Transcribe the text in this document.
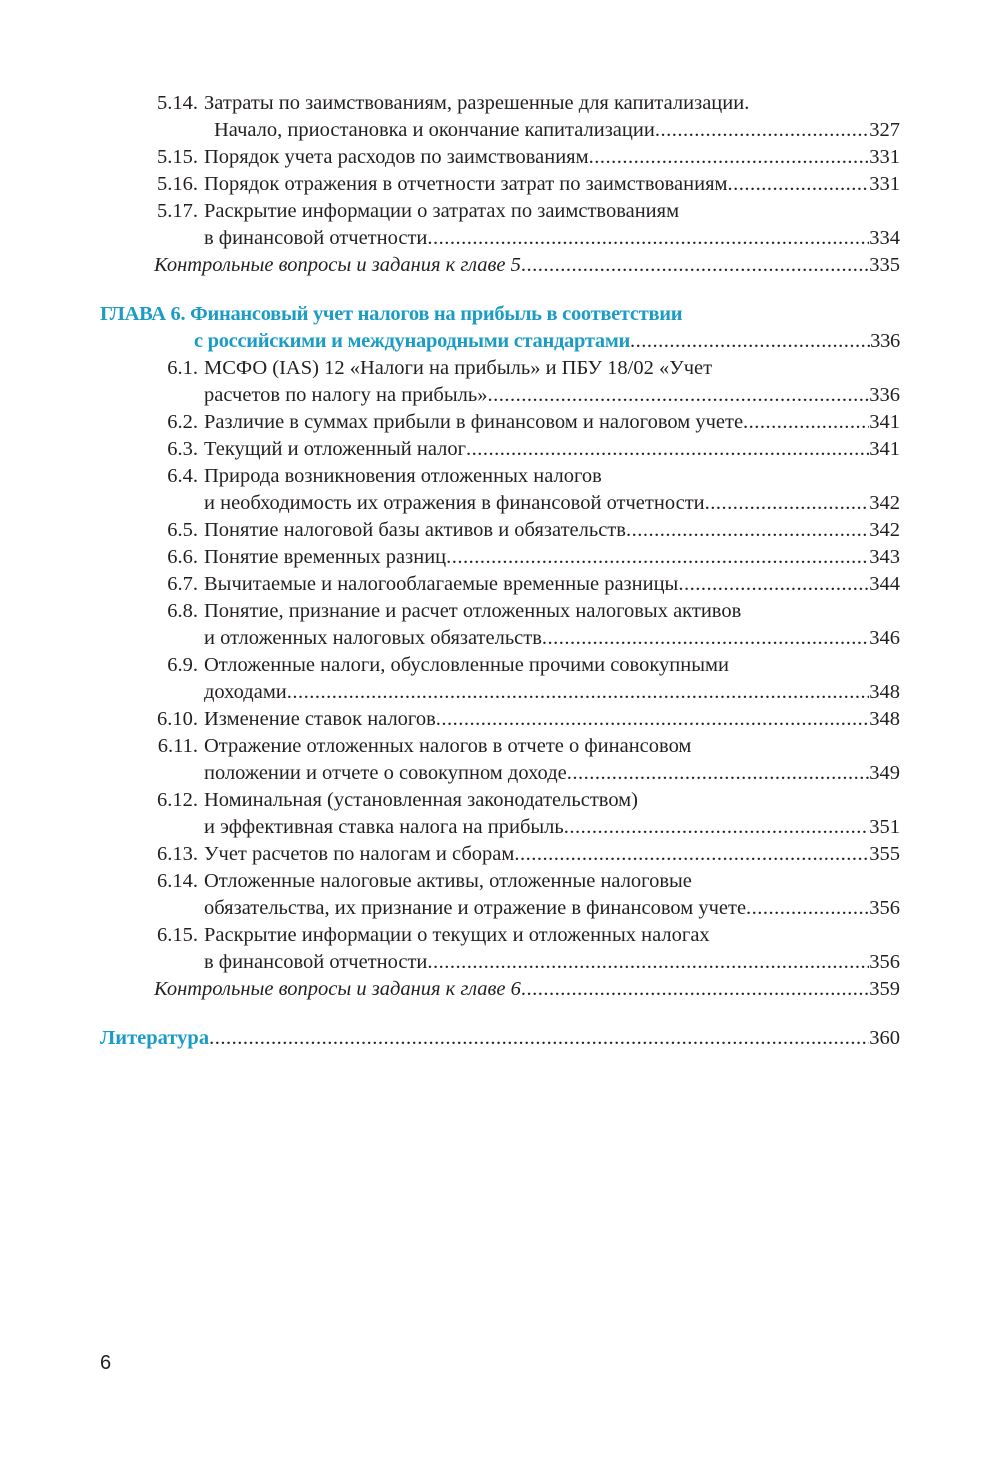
5.14. Затраты по заимствованиям, разрешенные для капитализации.
Начало, приостановка и окончание капитализации .....	327
5.15. Порядок учета расходов по заимствованиям .....	331
5.16. Порядок отражения в отчетности затрат по заимствованиям .....	331
5.17. Раскрытие информации о затратах по заимствованиям
в финансовой отчетности .....	334
Контрольные вопросы и задания к главе 5 .....	335
ГЛАВА 6. Финансовый учет налогов на прибыль в соответствии
с российскими и международными стандартами .....	336
6.1. МСФО (IAS) 12 «Налоги на прибыль» и ПБУ 18/02 «Учет
расчетов по налогу на прибыль» .....	336
6.2. Различие в суммах прибыли в финансовом и налоговом учете .....	341
6.3. Текущий и отложенный налог .....	341
6.4. Природа возникновения отложенных налогов
и необходимость их отражения в финансовой отчетности .....	342
6.5. Понятие налоговой базы активов и обязательств .....	342
6.6. Понятие временных разниц .....	343
6.7. Вычитаемые и налогооблагаемые временные разницы .....	344
6.8. Понятие, признание и расчет отложенных налоговых активов
и отложенных налоговых обязательств .....	346
6.9. Отложенные налоги, обусловленные прочими совокупными
доходами .....	348
6.10. Изменение ставок налогов .....	348
6.11. Отражение отложенных налогов в отчете о финансовом
положении и отчете о совокупном доходе .....	349
6.12. Номинальная (установленная законодательством)
и эффективная ставка налога на прибыль .....	351
6.13. Учет расчетов по налогам и сборам .....	355
6.14. Отложенные налоговые активы, отложенные налоговые
обязательства, их признание и отражение в финансовом учете .....	356
6.15. Раскрытие информации о текущих и отложенных налогах
в финансовой отчетности .....	356
Контрольные вопросы и задания к главе 6 .....	359
Литература .....	360
6
